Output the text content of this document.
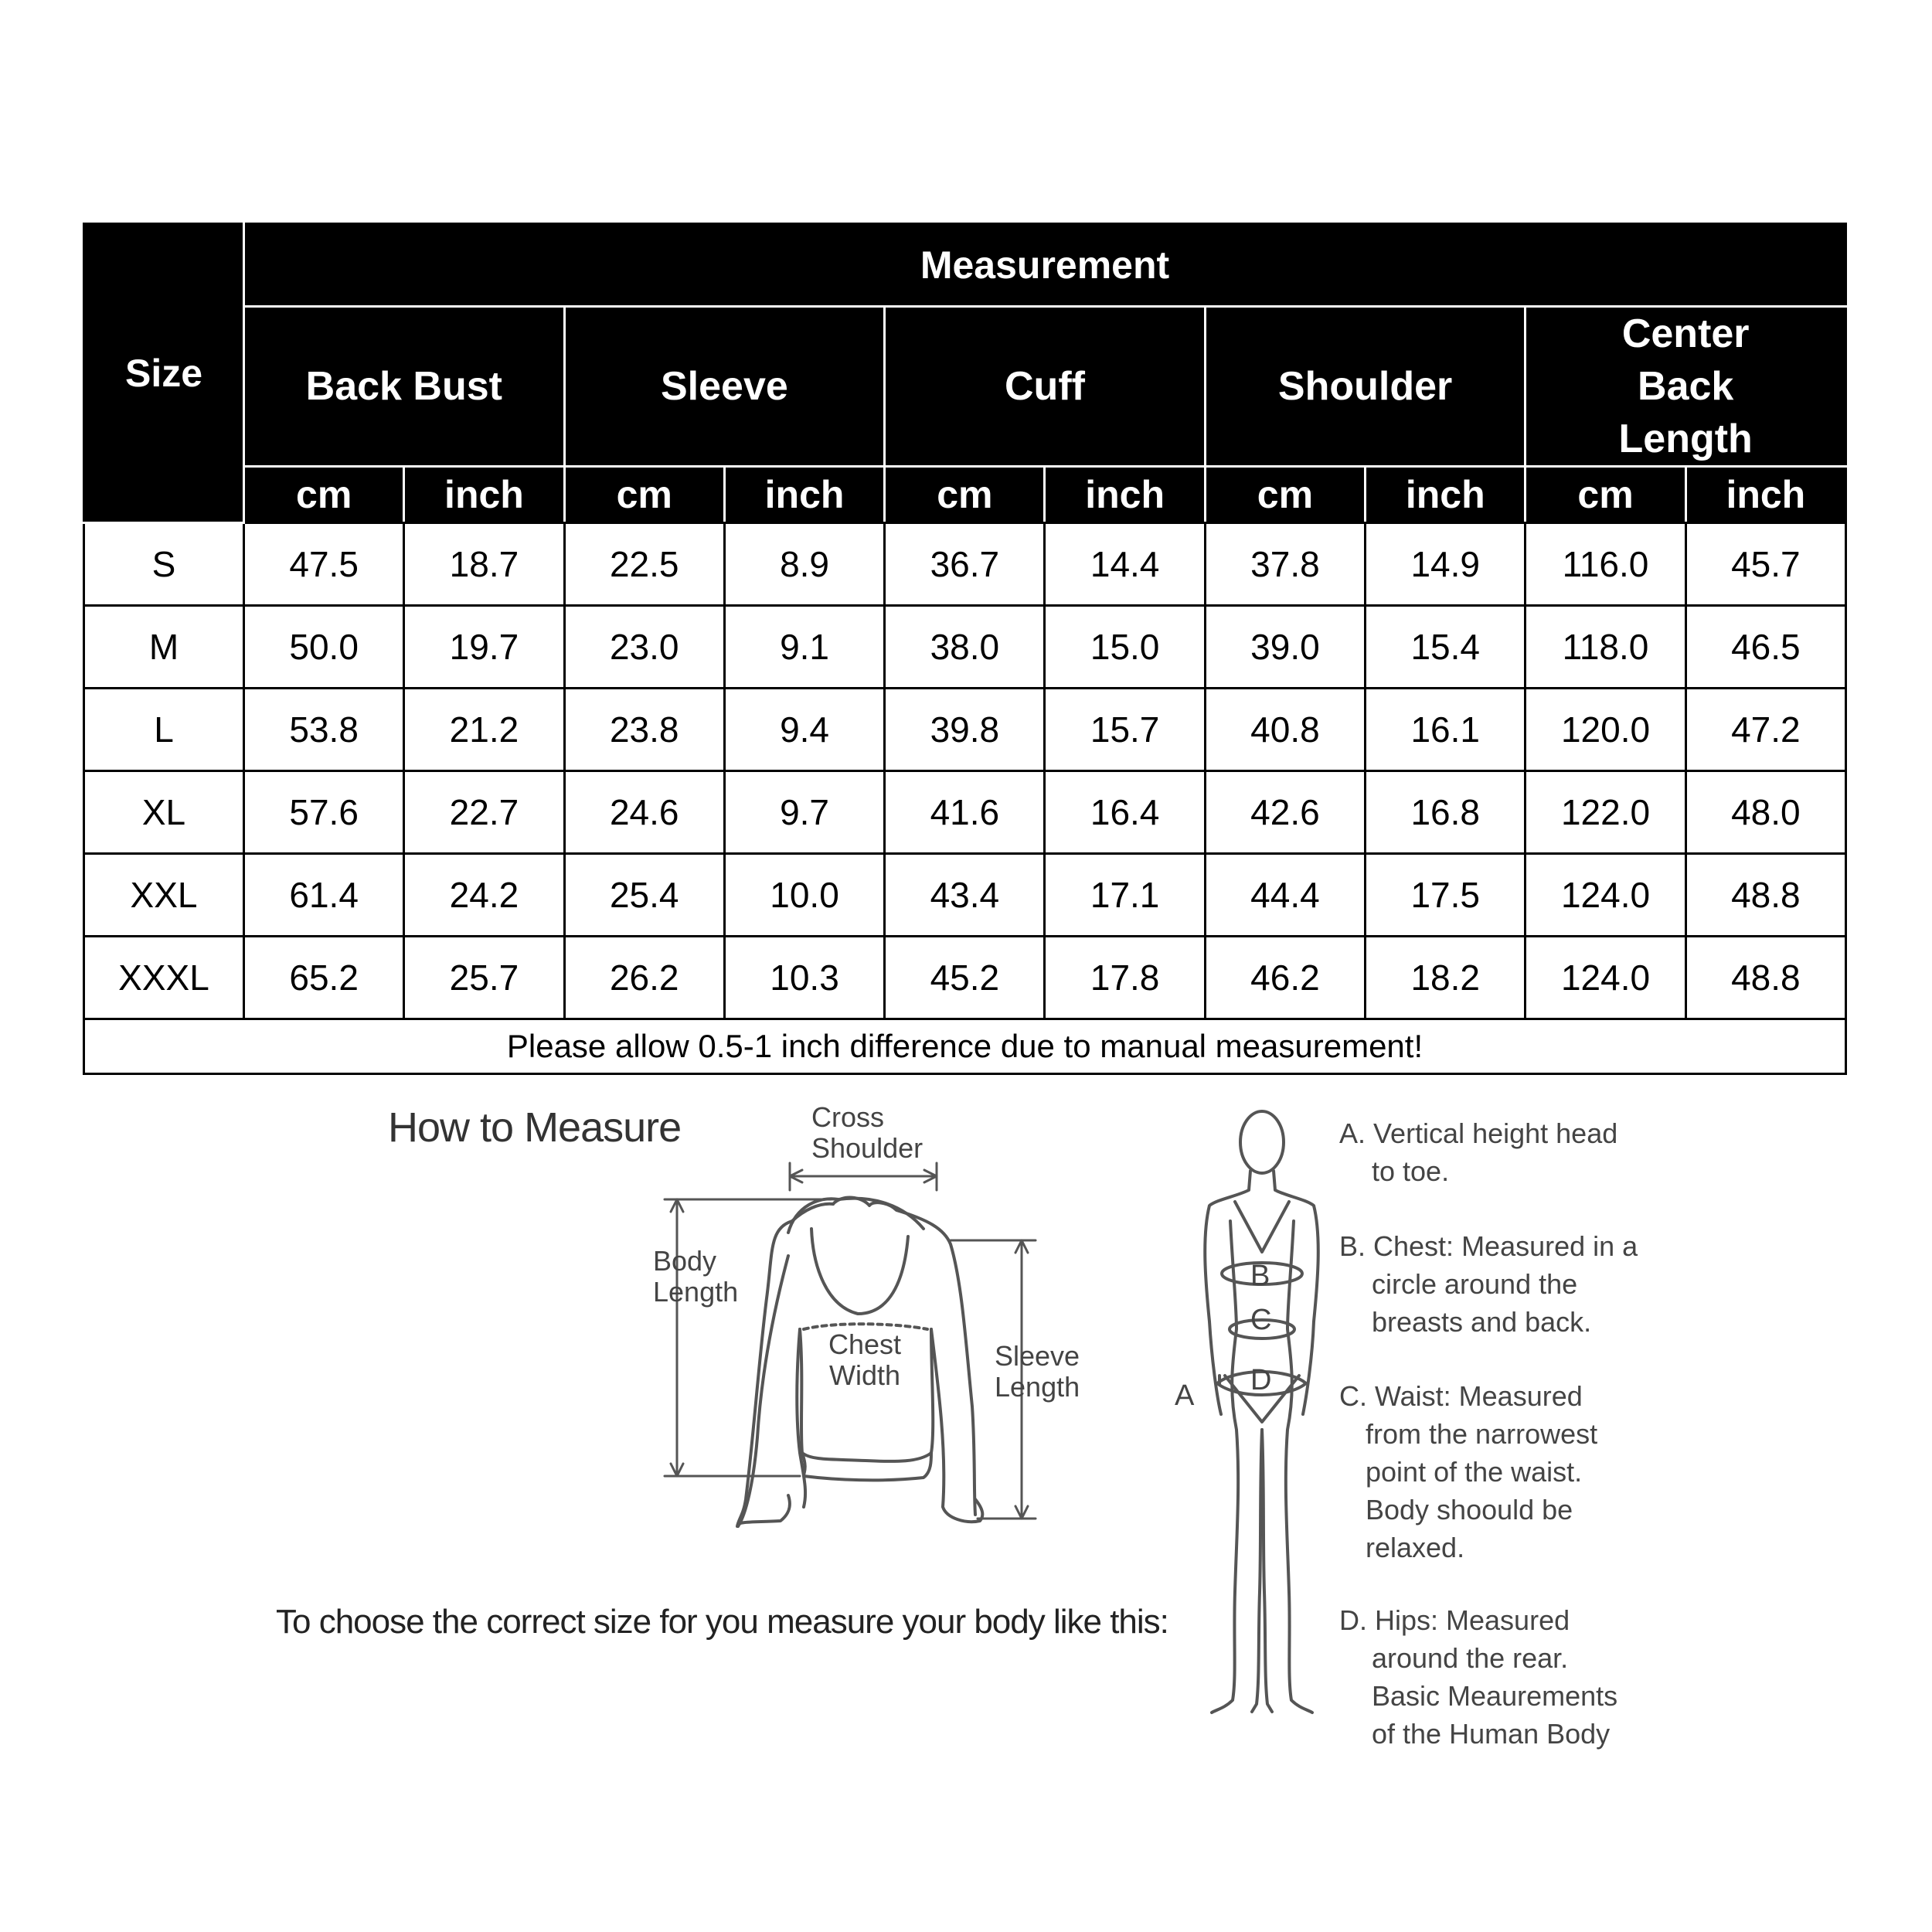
Size	Measurement									
	Back Bust		Sleeve		Cuff		Shoulder		Center Back Length	
	cm	inch	cm	inch	cm	inch	cm	inch	cm	inch
S	47.5	18.7	22.5	8.9	36.7	14.4	37.8	14.9	116.0	45.7
M	50.0	19.7	23.0	9.1	38.0	15.0	39.0	15.4	118.0	46.5
L	53.8	21.2	23.8	9.4	39.8	15.7	40.8	16.1	120.0	47.2
XL	57.6	22.7	24.6	9.7	41.6	16.4	42.6	16.8	122.0	48.0
XXL	61.4	24.2	25.4	10.0	43.4	17.1	44.4	17.5	124.0	48.8
XXXL	65.2	25.7	26.2	10.3	45.2	17.8	46.2	18.2	124.0	48.8
Please allow 0.5-1 inch difference due to manual measurement!										
How to Measure
B
C
D
A
Cross
Shoulder
Body
Length
Chest
Width
Sleeve
Length
A. Vertical height head
to toe.
B. Chest: Measured in a
circle around the
breasts and back.
C. Waist: Measured
from the narrowest
point of the waist.
Body shoould be
relaxed.
D. Hips: Measured
around the rear.
Basic Meaurements
of the Human Body
To choose the correct size for you measure your body like this:
